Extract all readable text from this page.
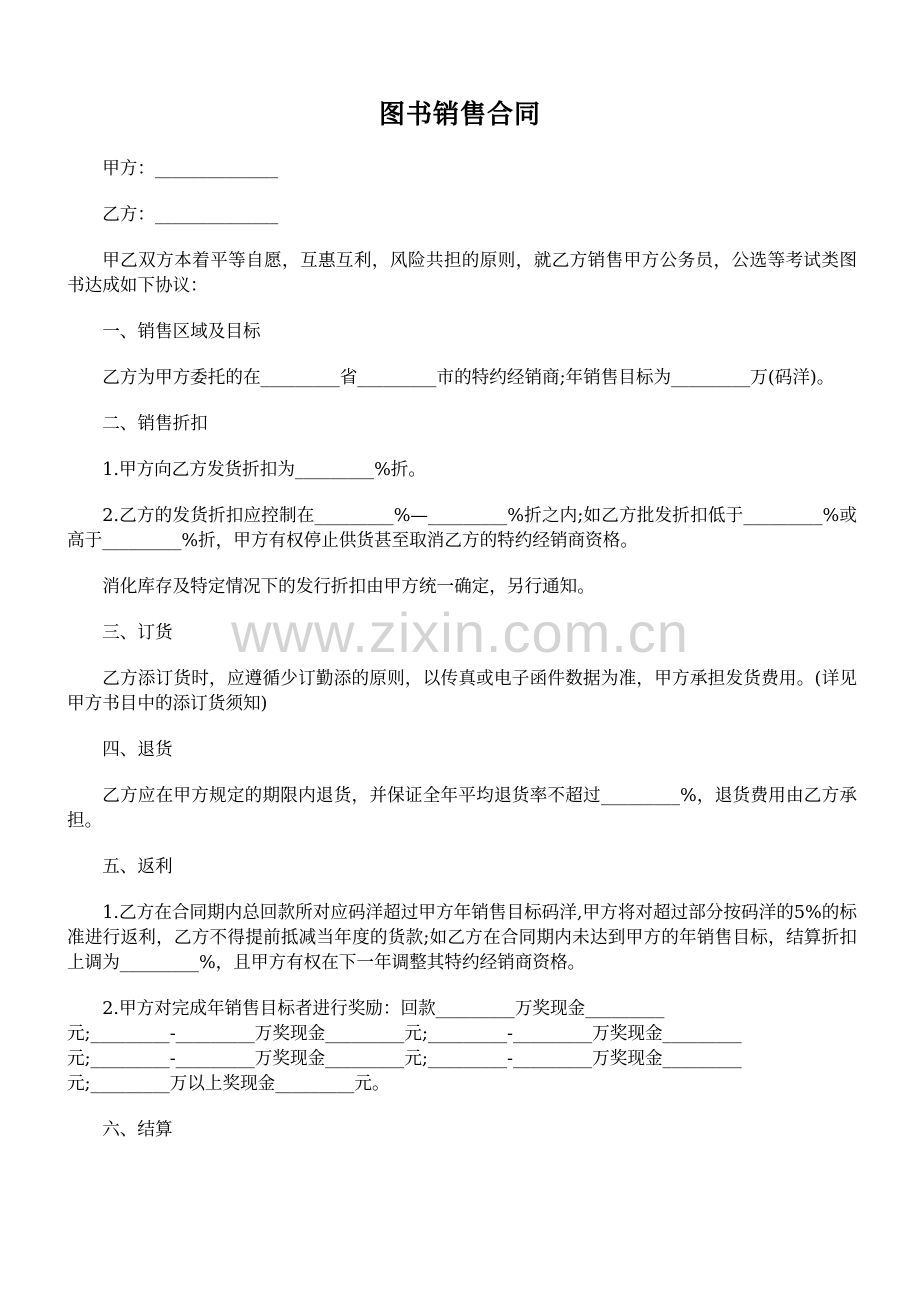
www.zixin.com.cn
图书销售合同
甲方：______________
乙方：______________
甲乙双方本着平等自愿，互惠互利，风险共担的原则，就乙方销售甲方公务员，公选等考试类图书达成如下协议：
一、销售区域及目标
乙方为甲方委托的在_________省_________市的特约经销商;年销售目标为_________万(码洋)。
二、销售折扣
1.甲方向乙方发货折扣为_________%折。
2.乙方的发货折扣应控制在_________%—_________%折之内;如乙方批发折扣低于_________%或高于_________%折，甲方有权停止供货甚至取消乙方的特约经销商资格。
消化库存及特定情况下的发行折扣由甲方统一确定，另行通知。
三、订货
乙方添订货时，应遵循少订勤添的原则，以传真或电子函件数据为准，甲方承担发货费用。(详见甲方书目中的添订货须知)
四、退货
乙方应在甲方规定的期限内退货，并保证全年平均退货率不超过_________%，退货费用由乙方承担。
五、返利
1.乙方在合同期内总回款所对应码洋超过甲方年销售目标码洋,甲方将对超过部分按码洋的5%的标准进行返利，乙方不得提前抵减当年度的货款;如乙方在合同期内未达到甲方的年销售目标，结算折扣上调为_________%，且甲方有权在下一年调整其特约经销商资格。
2.甲方对完成年销售目标者进行奖励：回款_________万奖现金_________
元;_________-_________万奖现金_________元;_________-_________万奖现金_________
元;_________-_________万奖现金_________元;_________-_________万奖现金_________
元;_________万以上奖现金_________元。
六、结算
